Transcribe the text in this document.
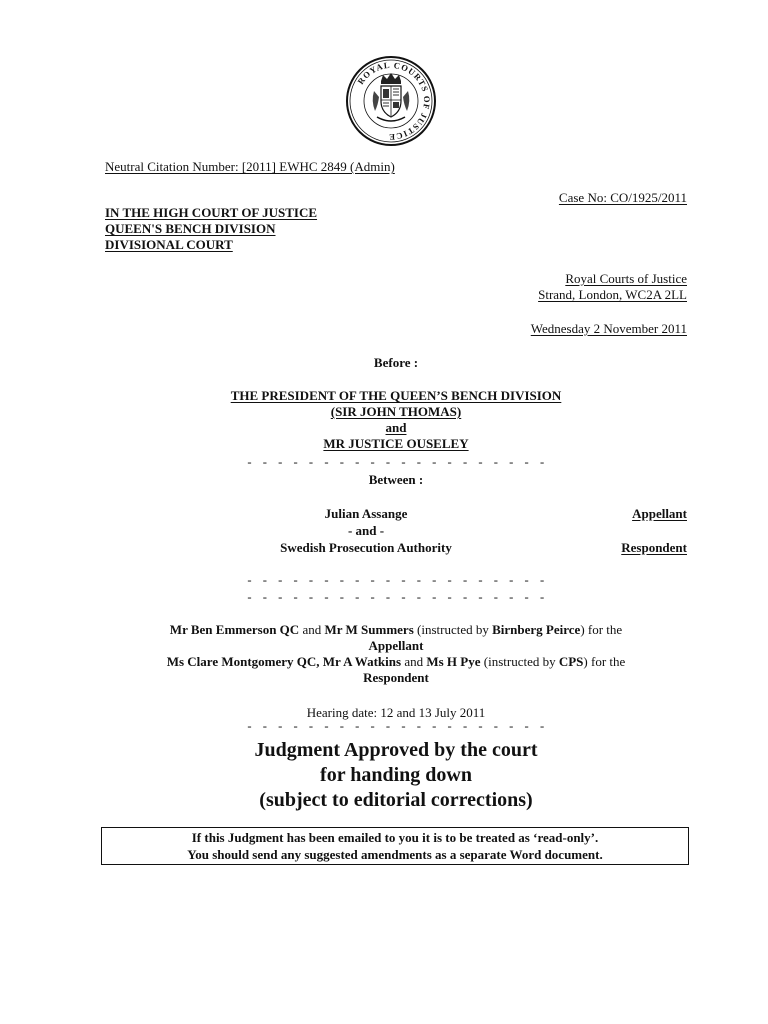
ROYAL COURTS OF JUSTICE
Neutral Citation Number: [2011] EWHC 2849 (Admin)
Case No: CO/1925/2011
IN THE HIGH COURT OF JUSTICE
QUEEN'S BENCH DIVISION
DIVISIONAL COURT
Royal Courts of Justice
Strand, London, WC2A 2LL
Wednesday 2 November 2011
Before :
THE PRESIDENT OF THE QUEEN’S BENCH DIVISION
(SIR JOHN THOMAS)
and
MR JUSTICE OUSELEY
- - - - - - - - - - - - - - - - - - - -
Between :
Julian Assange	Appellant
- and -
Swedish Prosecution Authority	Respondent
- - - - - - - - - - - - - - - - - - - -
- - - - - - - - - - - - - - - - - - - -
Mr Ben Emmerson QC and Mr M Summers (instructed by Birnberg Peirce) for the
Appellant
Ms Clare Montgomery QC, Mr A Watkins and Ms H Pye (instructed by CPS) for the
Respondent
Hearing date: 12 and 13 July 2011
- - - - - - - - - - - - - - - - - - - -
Judgment Approved by the court
for handing down
(subject to editorial corrections)
If this Judgment has been emailed to you it is to be treated as ‘read-only’.
You should send any suggested amendments as a separate Word document.
